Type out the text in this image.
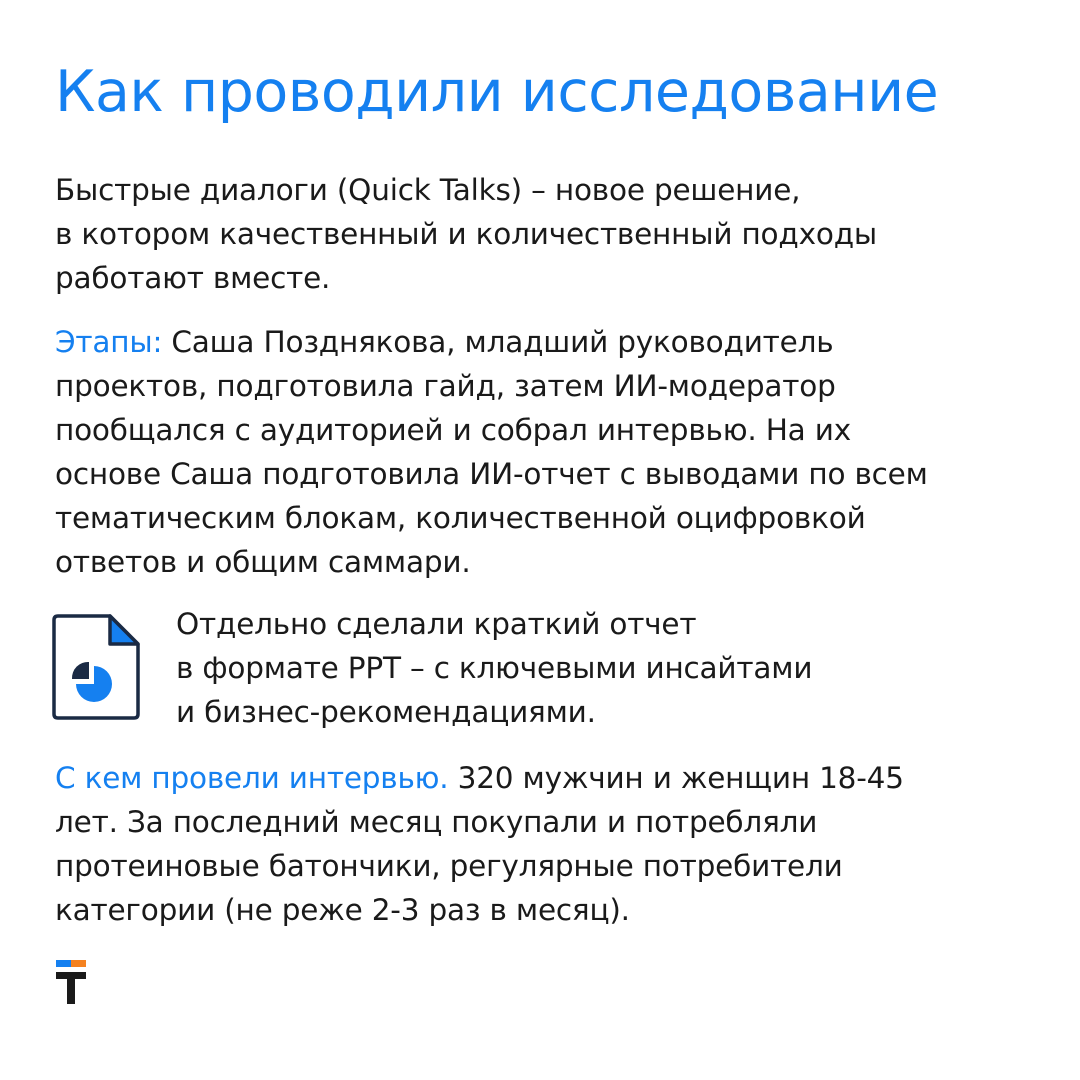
Как проводили исследование

Быстрые диалоги (Quick Talks) – новое решение,
в котором качественный и количественный подходы
работают вместе.

Этапы: Саша Позднякова, младший руководитель
проектов, подготовила гайд, затем ИИ-модератор
пообщался с аудиторией и собрал интервью. На их
основе Саша подготовила ИИ-отчет с выводами по всем
тематическим блокам, количественной оцифровкой
ответов и общим саммари.

Отдельно сделали краткий отчет
в формате PPT – с ключевыми инсайтами
и бизнес-рекомендациями.

С кем провели интервью. 320 мужчин и женщин 18-45
лет. За последний месяц покупали и потребляли
протеиновые батончики, регулярные потребители
категории (не реже 2-3 раз в месяц).
